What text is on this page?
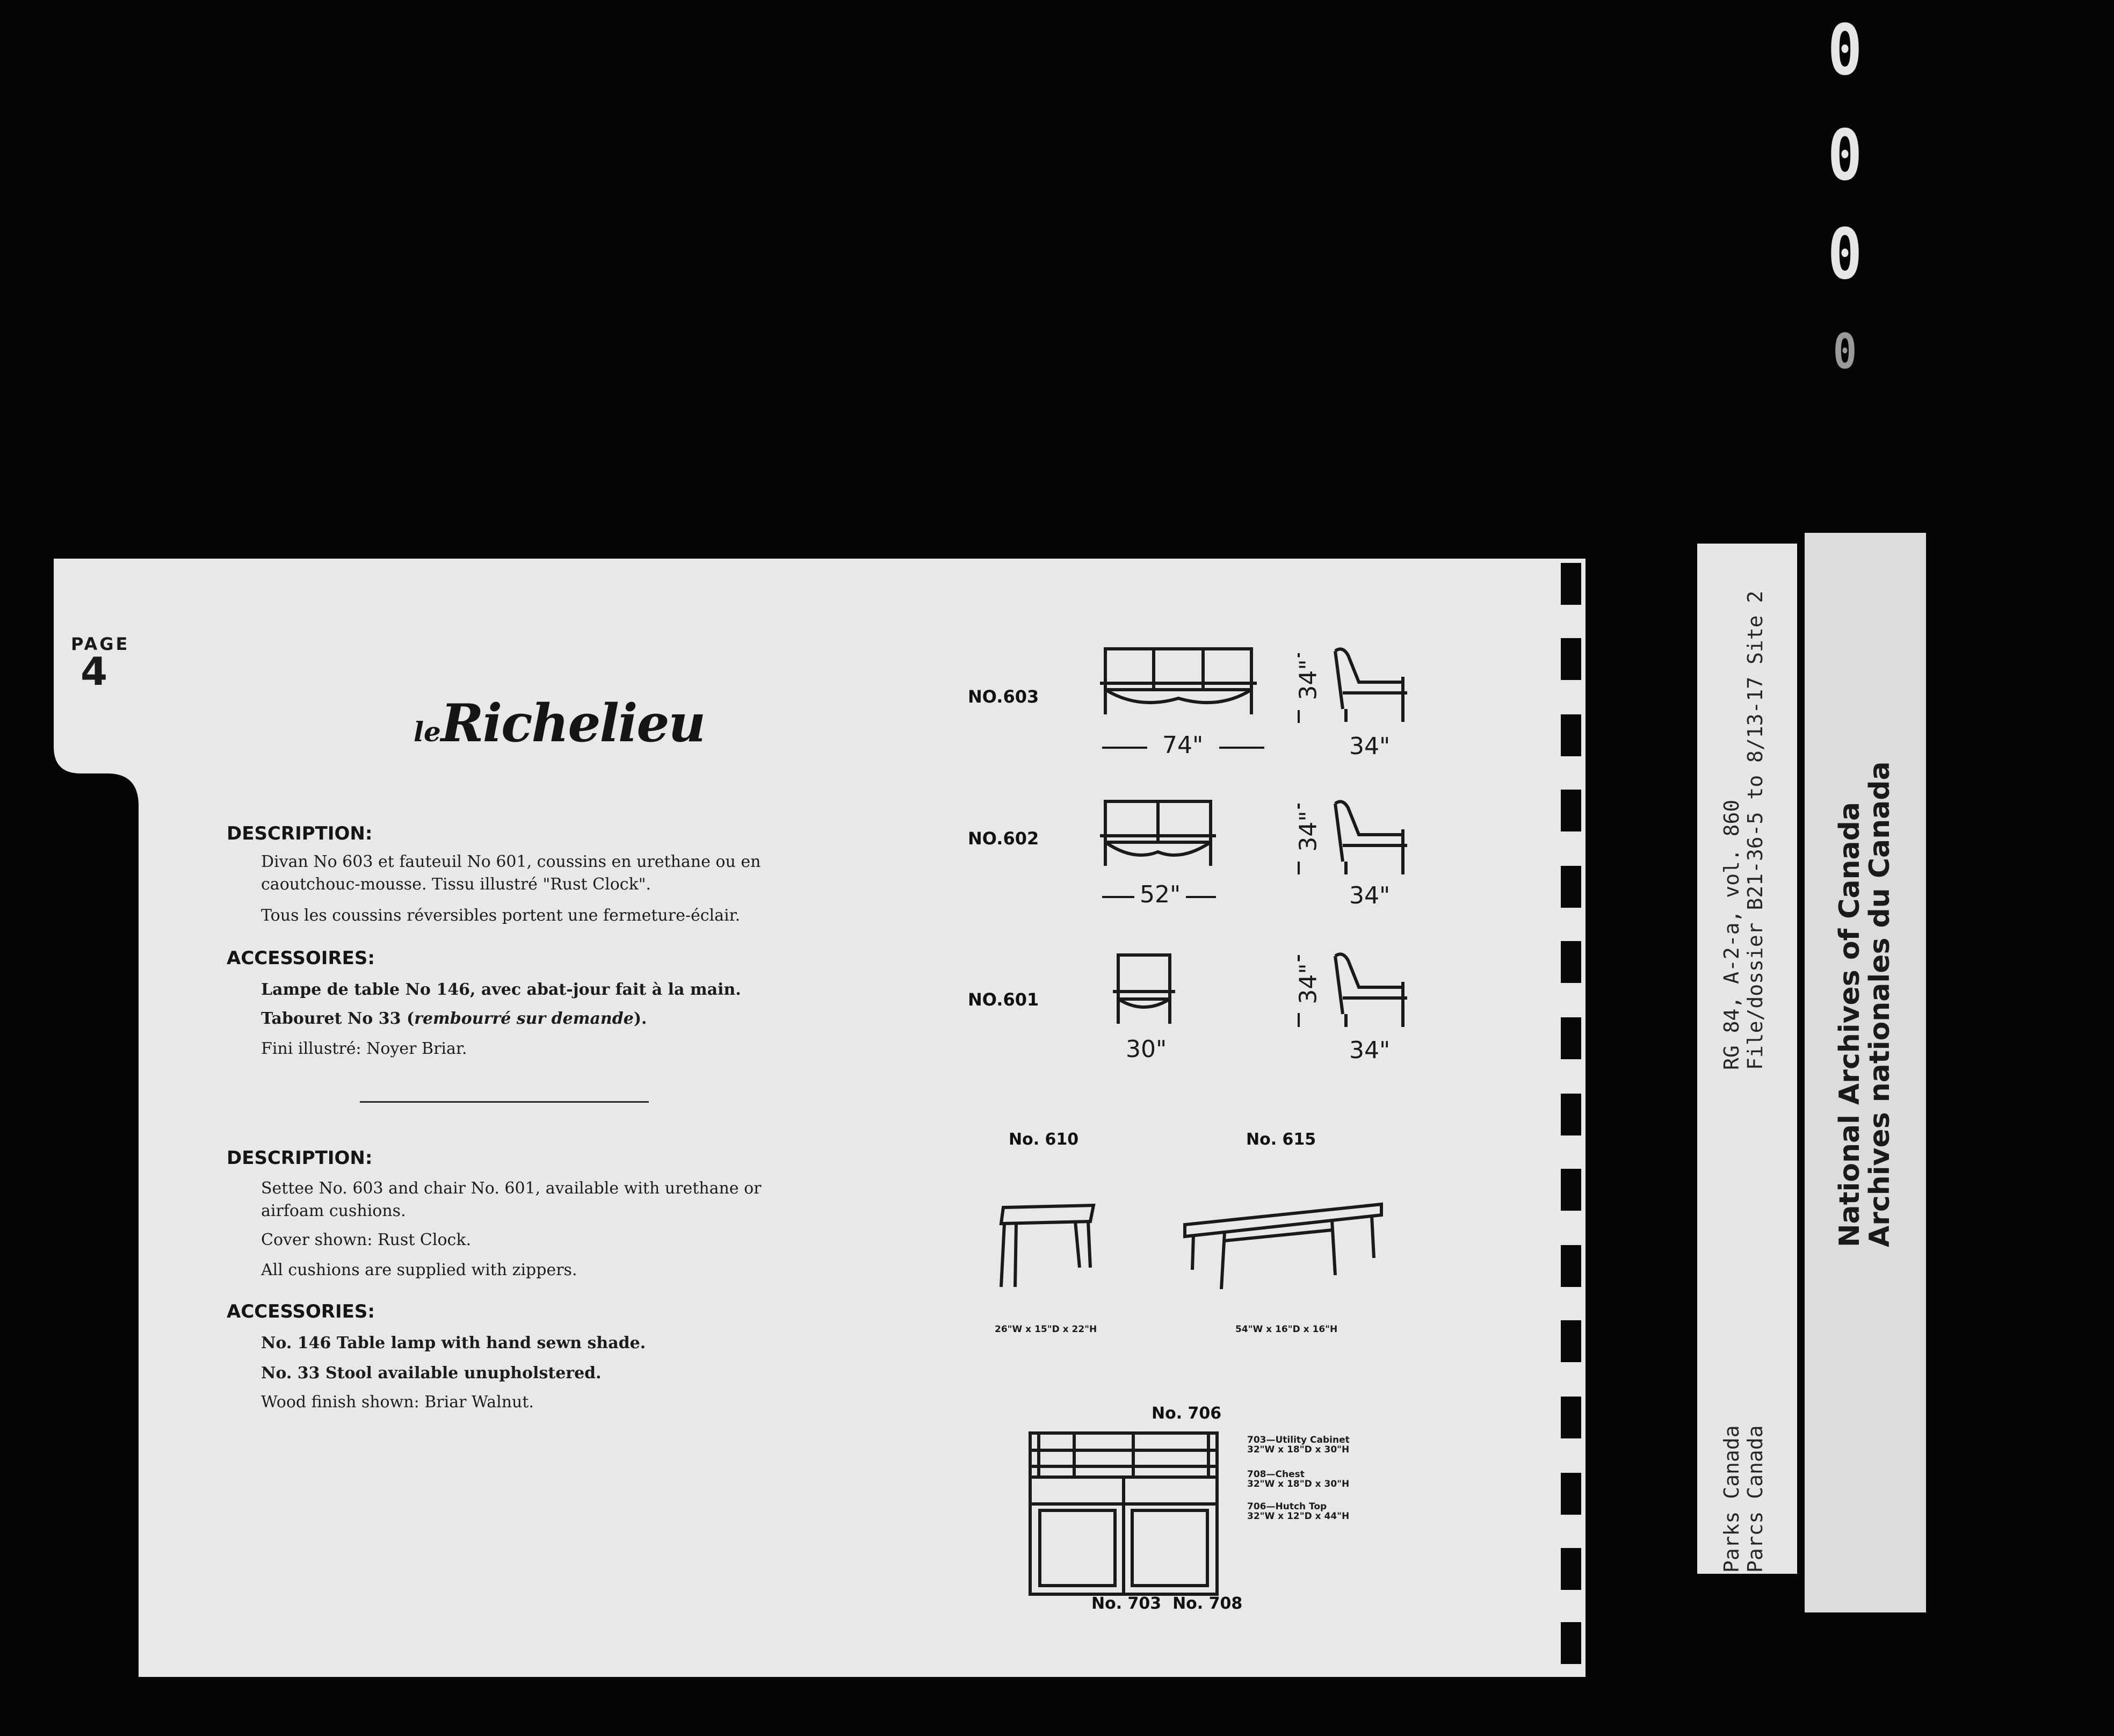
0
0
0
0
PAGE
4
leRichelieu
DESCRIPTION:
Divan No 603 et fauteuil No 601, coussins en urethane ou en caoutchouc-mousse. Tissu illustré "Rust Clock".
Tous les coussins réversibles portent une fermeture-éclair.
ACCESSOIRES:
Lampe de table No 146, avec abat-jour fait à la main.
Tabouret No 33 (rembourré sur demande).
Fini illustré: Noyer Briar.
DESCRIPTION:
Settee No. 603 and chair No. 601, available with urethane or airfoam cushions.
Cover shown: Rust Clock.
All cushions are supplied with zippers.
ACCESSORIES:
No. 146 Table lamp with hand sewn shade.
No. 33 Stool available unupholstered.
Wood finish shown: Briar Walnut.
NO.603
NO.602
NO.601
74"
52"
30"
34"
34"
34"
34"
34"
34"
No. 610	No. 615
26"W x 15"D x 22"H	54"W x 16"D x 16"H
No. 706
No. 703  No. 708
703—Utility Cabinet
32"W x 18"D x 30"H
708—Chest
32"W x 18"D x 30"H
706—Hutch Top
32"W x 12"D x 44"H
RG 84, A-2-a, vol. 860 File/dossier B21-36-5 to 8/13-17 Site 2
Parks Canada Parcs Canada
National Archives of Canada
Archives nationales du Canada
